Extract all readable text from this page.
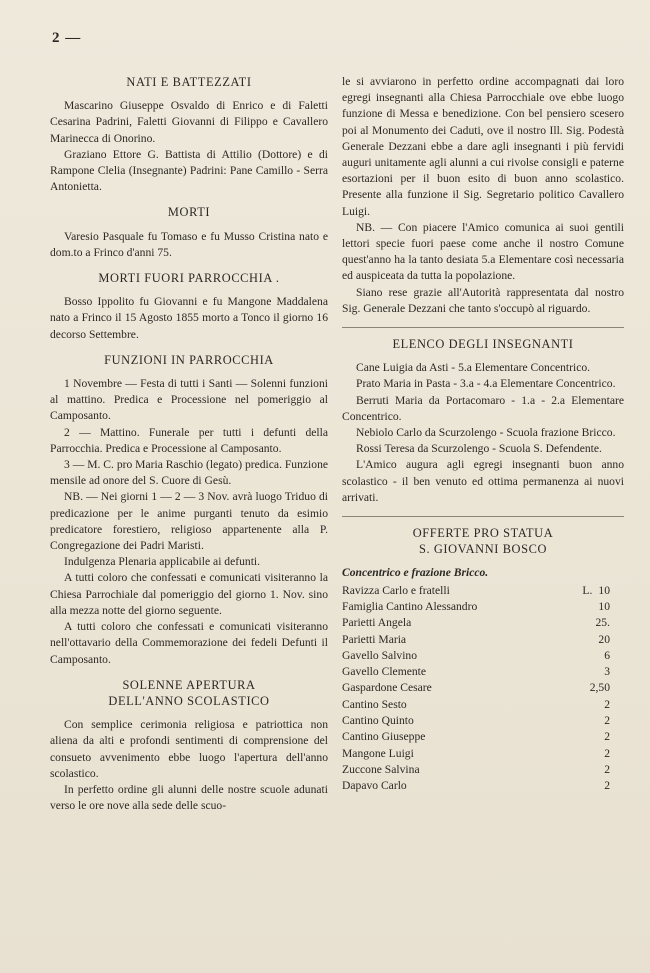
2 —
NATI E BATTEZZATI

Mascarino Giuseppe Osvaldo di Enrico e di Faletti Cesarina Padrini, Faletti Giovanni di Filippo e Cavallero Marinecca di Onorino.

Graziano Ettore G. Battista di Attilio (Dottore) e di Rampone Clelia (Insegnante) Padrini: Pane Camillo - Serra Antonietta.

MORTI

Varesio Pasquale fu Tomaso e fu Musso Cristina nato e dom.to a Frinco d'anni 75.

MORTI FUORI PARROCCHIA .

Bosso Ippolito fu Giovanni e fu Mangone Maddalena nato a Frinco il 15 Agosto 1855 morto a Tonco il giorno 16 decorso Settembre.

FUNZIONI IN PARROCCHIA

1 Novembre — Festa di tutti i Santi — Solenni funzioni al mattino. Predica e Processione nel pomeriggio al Camposanto.

2 — Mattino. Funerale per tutti i defunti della Parrocchia. Predica e Processione al Camposanto.

3 — M. C. pro Maria Raschio (legato) predica. Funzione mensile ad onore del S. Cuore di Gesù.

NB. — Nei giorni 1 — 2 — 3 Nov. avrà luogo Triduo di predicazione per le anime purganti tenuto da esimio predicatore forestiero, religioso appartenente alla P. Congregazione dei Padri Maristi.

Indulgenza Plenaria applicabile ai defunti.

A tutti coloro che confessati e comunicati visiteranno la Chiesa Parrochiale dal pomeriggio del giorno 1. Nov. sino alla mezza notte del giorno seguente.

A tutti coloro che confessati e comunicati visiteranno nell'ottavario della Commemorazione dei fedeli Defunti il Camposanto.

SOLENNE APERTURA
DELL'ANNO SCOLASTICO

Con semplice cerimonia religiosa e patriottica non aliena da alti e profondi sentimenti di comprensione del consueto avvenimento ebbe luogo l'apertura dell'anno scolastico.

In perfetto ordine gli alunni delle nostre scuole adunati verso le ore nove alla sede delle scuo-

le si avviarono in perfetto ordine accompagnati dai loro egregi insegnanti alla Chiesa Parrocchiale ove ebbe luogo funzione di Messa e benedizione. Con bel pensiero scesero poi al Monumento dei Caduti, ove il nostro Ill. Sig. Podestà Generale Dezzani ebbe a dare agli insegnanti i più fervidi auguri unitamente agli alunni a cui rivolse consigli e paterne esortazioni per il buon esito di buon anno scolastico. Presente alla funzione il Sig. Segretario politico Cavallero Luigi.

NB. — Con piacere l'Amico comunica ai suoi gentili lettori specie fuori paese come anche il nostro Comune quest'anno ha la tanto desiata 5.a Elementare così necessaria ed auspiceata da tutta la popolazione.

Siano rese grazie all'Autorità rappresentata dal nostro Sig. Generale Dezzani che tanto s'occupò al riguardo.

ELENCO DEGLI INSEGNANTI

Cane Luigia da Asti - 5.a Elementare Concentrico.

Prato Maria in Pasta - 3.a - 4.a Elementare Concentrico.

Berruti Maria da Portacomaro - 1.a - 2.a Elementare Concentrico.

Nebiolo Carlo da Scurzolengo - Scuola frazione Bricco.

Rossi Teresa da Scurzolengo - Scuola S. Defendente.

L'Amico augura agli egregi insegnanti buon anno scolastico - il ben venuto ed ottima permanenza ai nuovi arrivati.

OFFERTE PRO STATUA
S. GIOVANNI BOSCO
Concentrico e frazione Bricco.
Ravizza Carlo e fratelli	L. 10
Famiglia Cantino Alessandro	10
Parietti Angela	25.
Parietti Maria	20
Gavello Salvino	6
Gavello Clemente	3
Gaspardone Cesare	2,50
Cantino Sesto	2
Cantino Quinto	2
Cantino Giuseppe	2
Mangone Luigi	2
Zuccone Salvina	2
Dapavo Carlo	2
